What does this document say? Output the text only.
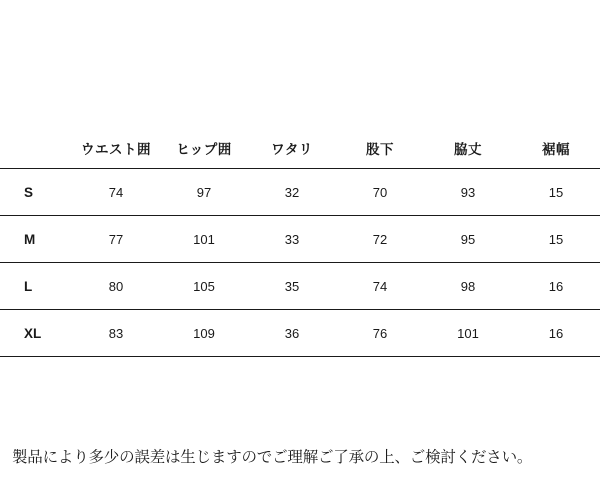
	ウエスト囲	ヒップ囲	ワタリ	股下	脇丈	裾幅
S	74	97	32	70	93	15
M	77	101	33	72	95	15
L	80	105	35	74	98	16
XL	83	109	36	76	101	16
製品により多少の誤差は生じますのでご理解ご了承の上、ご検討ください。
